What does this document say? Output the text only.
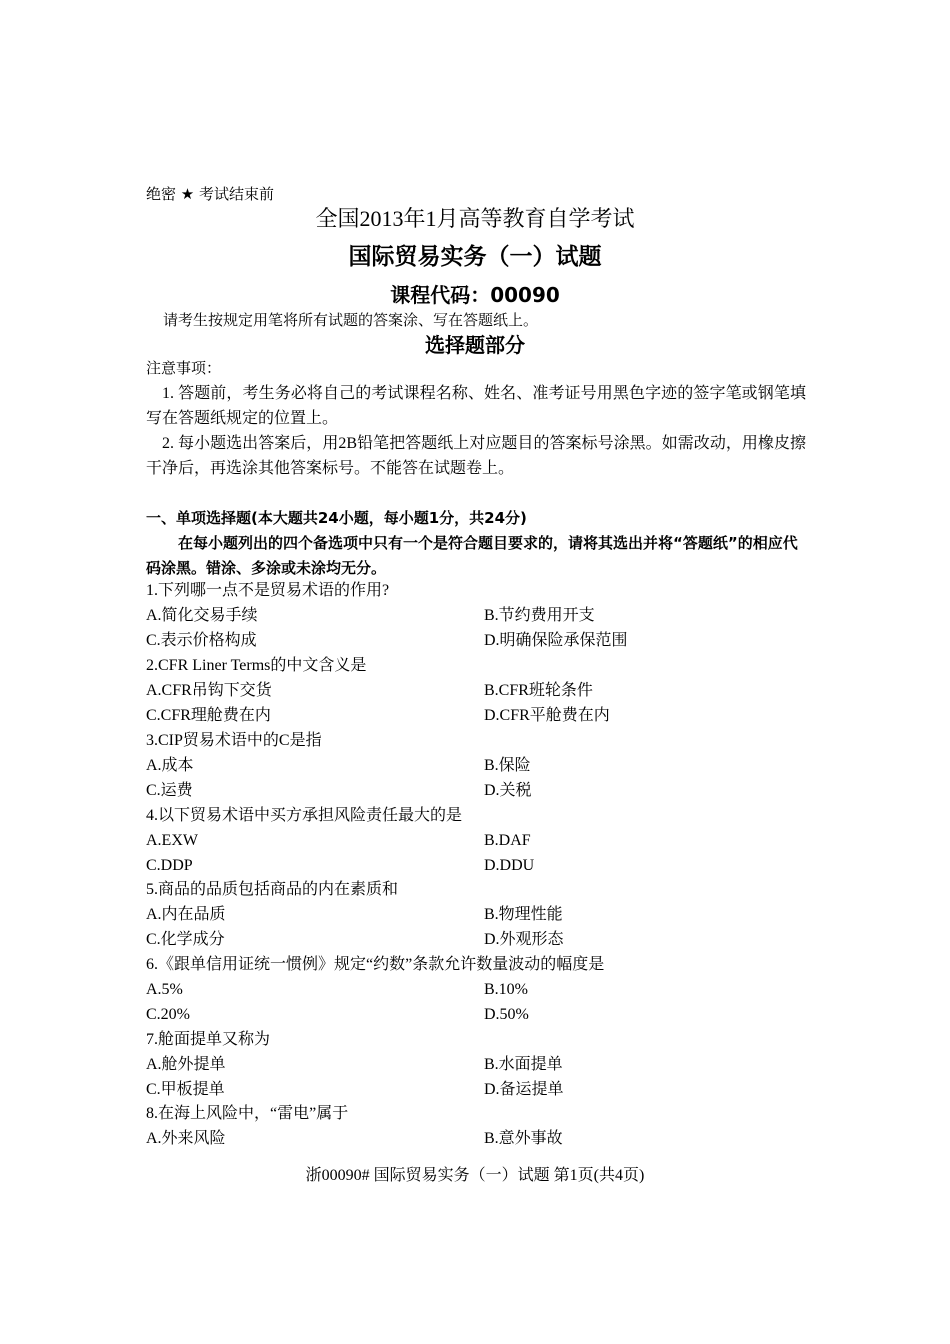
绝密 ★ 考试结束前
全国2013年1月高等教育自学考试
国际贸易实务（一）试题
课程代码：00090
请考生按规定用笔将所有试题的答案涂、写在答题纸上。
选择题部分
注意事项：
1. 答题前，考生务必将自己的考试课程名称、姓名、准考证号用黑色字迹的签字笔或钢笔填写在答题纸规定的位置上。
2. 每小题选出答案后，用2B铅笔把答题纸上对应题目的答案标号涂黑。如需改动，用橡皮擦干净后，再选涂其他答案标号。不能答在试题卷上。
一、单项选择题(本大题共24小题，每小题1分，共24分)
在每小题列出的四个备选项中只有一个是符合题目要求的，请将其选出并将“答题纸”的相应代码涂黑。错涂、多涂或未涂均无分。
1.下列哪一点不是贸易术语的作用?
A.简化交易手续	B.节约费用开支
C.表示价格构成	D.明确保险承保范围
2.CFR Liner Terms的中文含义是
A.CFR吊钩下交货	B.CFR班轮条件
C.CFR理舱费在内	D.CFR平舱费在内
3.CIP贸易术语中的C是指
A.成本	B.保险
C.运费	D.关税
4.以下贸易术语中买方承担风险责任最大的是
A.EXW	B.DAF
C.DDP	D.DDU
5.商品的品质包括商品的内在素质和
A.内在品质	B.物理性能
C.化学成分	D.外观形态
6.《跟单信用证统一惯例》规定“约数”条款允许数量波动的幅度是
A.5%	B.10%
C.20%	D.50%
7.舱面提单又称为
A.舱外提单	B.水面提单
C.甲板提单	D.备运提单
8.在海上风险中，“雷电”属于
A.外来风险	B.意外事故
浙00090# 国际贸易实务（一）试题 第1页(共4页)
